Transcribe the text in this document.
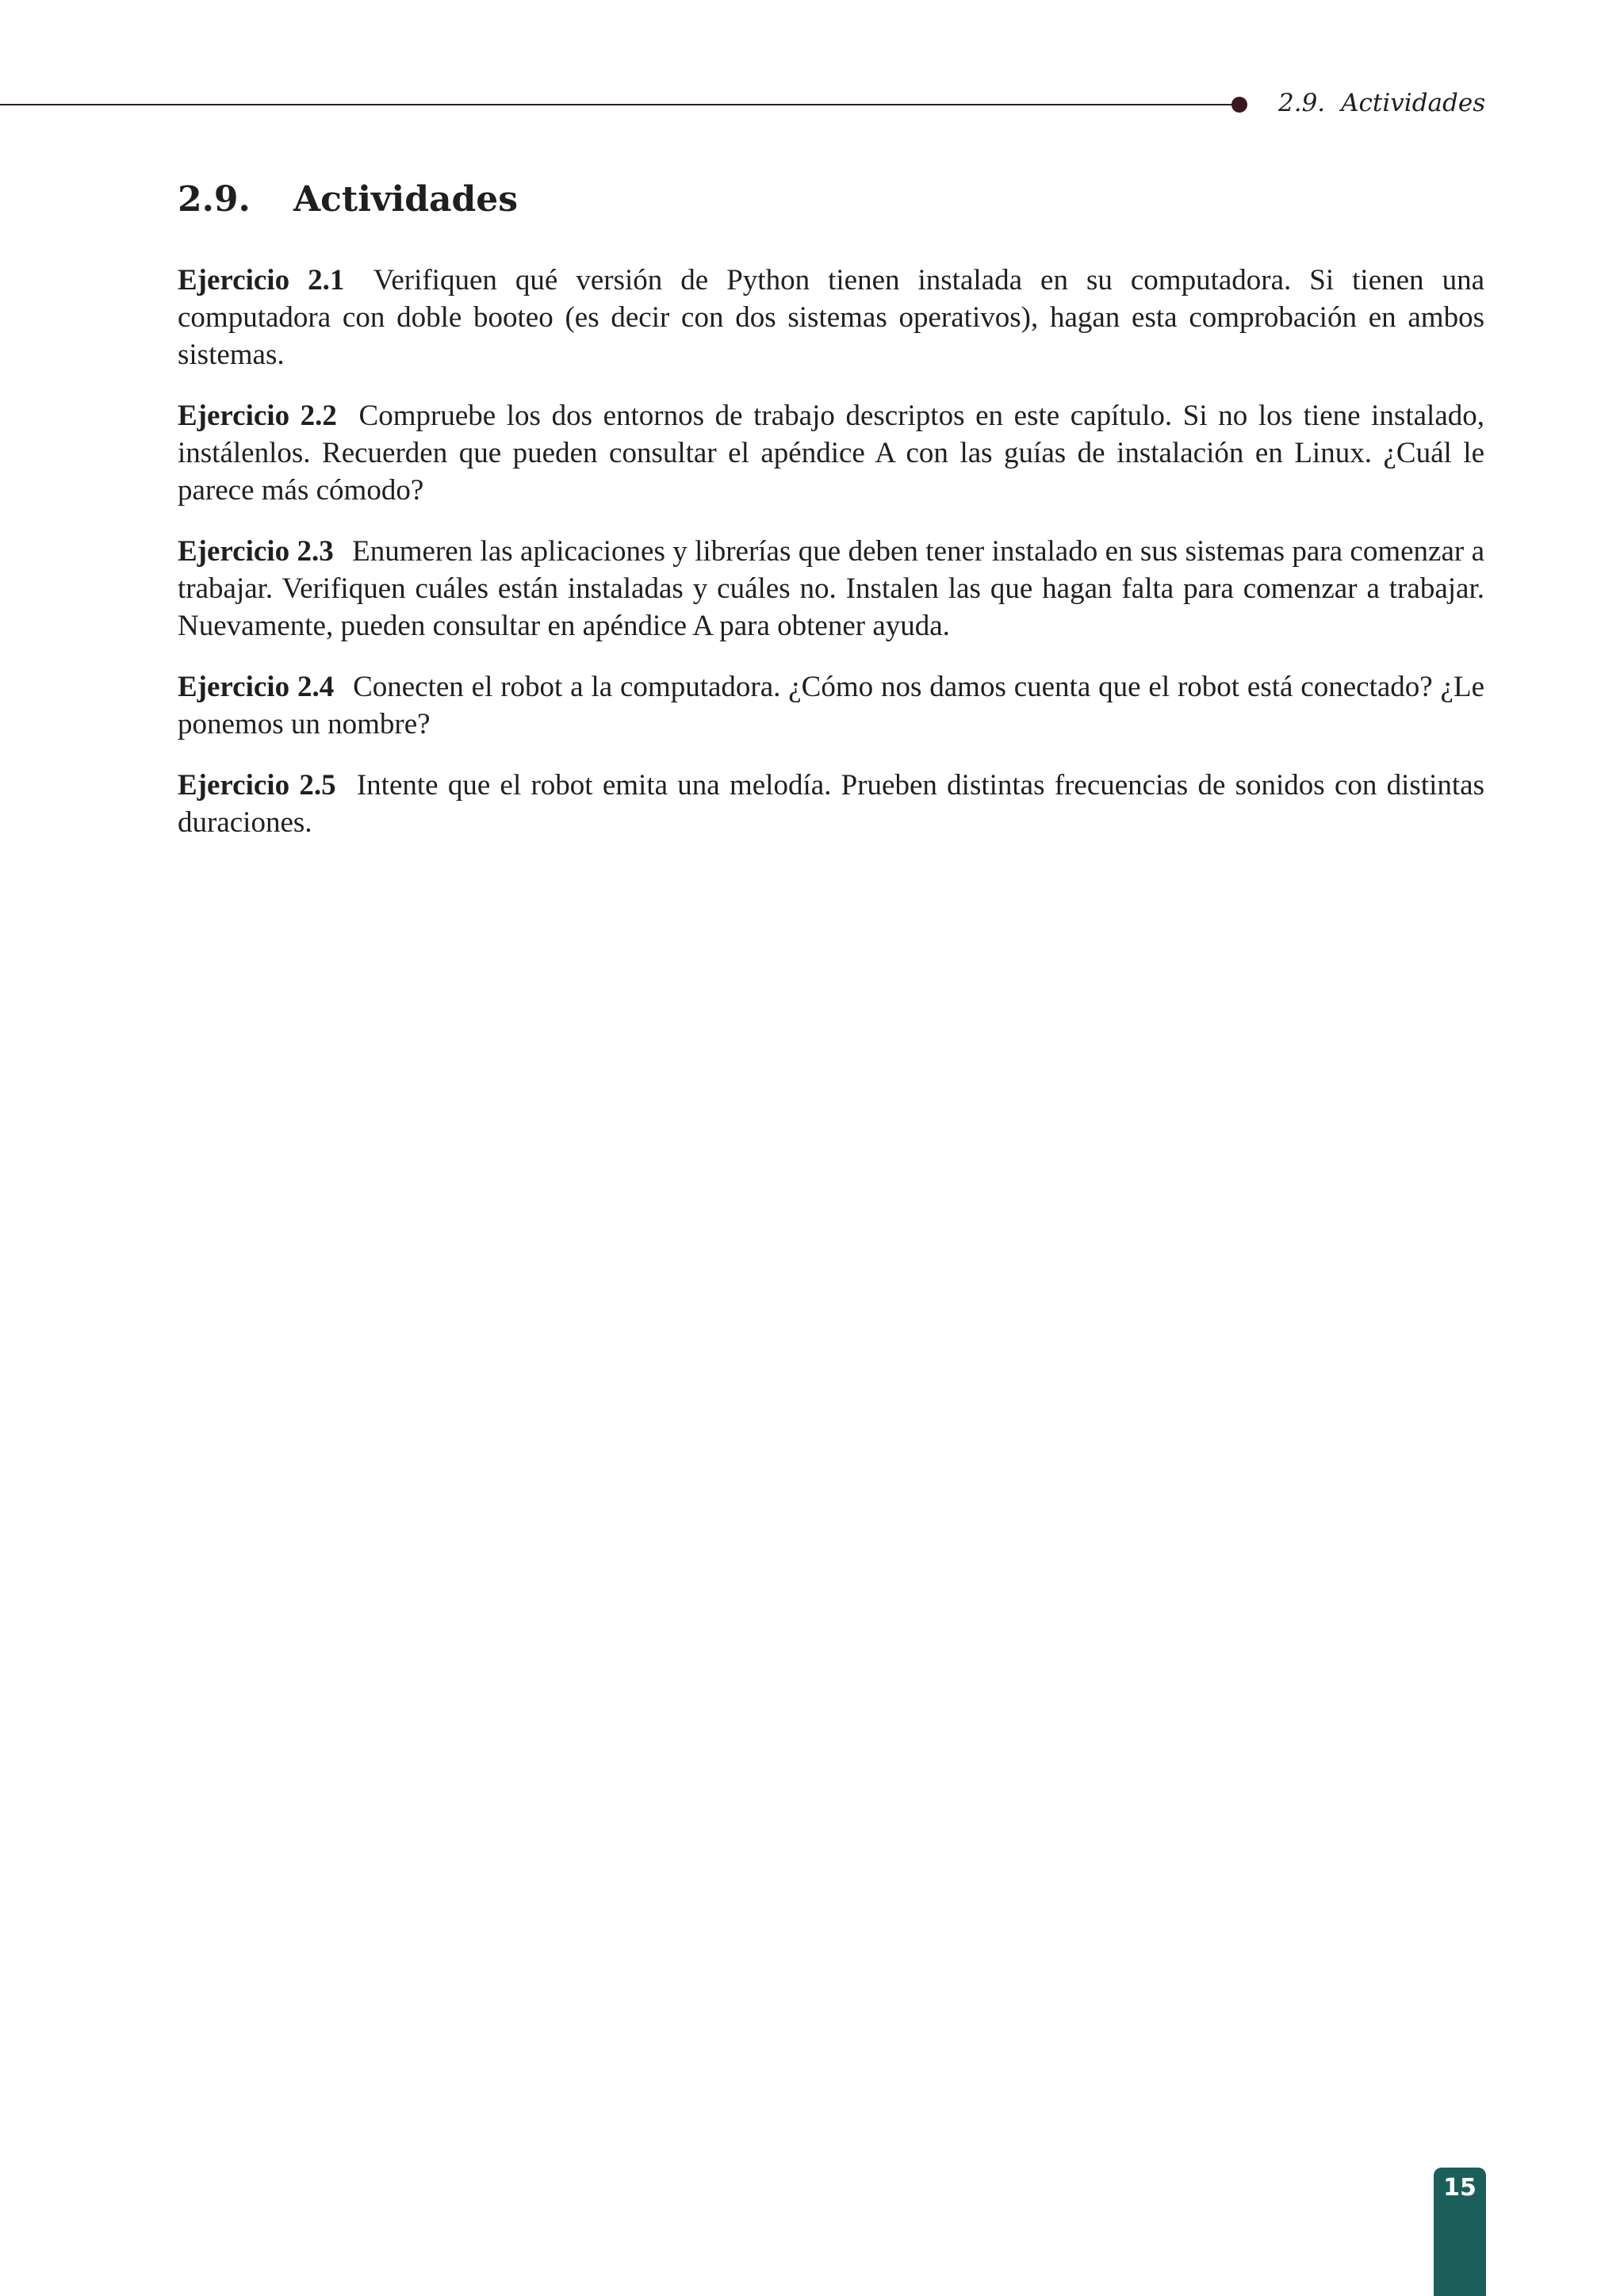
2.9. Actividades
2.9. Actividades

Ejercicio 2.1 Verifiquen qué versión de Python tienen instalada en su computadora. Si tienen una computadora con doble booteo (es decir con dos sistemas operativos), hagan esta comprobación en ambos sistemas.

Ejercicio 2.2 Compruebe los dos entornos de trabajo descriptos en este capítulo. Si no los tiene instalado, instálenlos. Recuerden que pueden consultar el apéndice A con las guías de instalación en Linux. ¿Cuál le parece más cómodo?

Ejercicio 2.3 Enumeren las aplicaciones y librerías que deben tener instalado en sus sistemas para comenzar a trabajar. Verifiquen cuáles están instaladas y cuáles no. Instalen las que hagan falta para comenzar a trabajar. Nuevamente, pueden consultar en apéndice A para obtener ayuda.

Ejercicio 2.4 Conecten el robot a la computadora. ¿Cómo nos damos cuenta que el robot está conectado? ¿Le ponemos un nombre?

Ejercicio 2.5 Intente que el robot emita una melodía. Prueben distintas frecuencias de sonidos con distintas duraciones.

15
